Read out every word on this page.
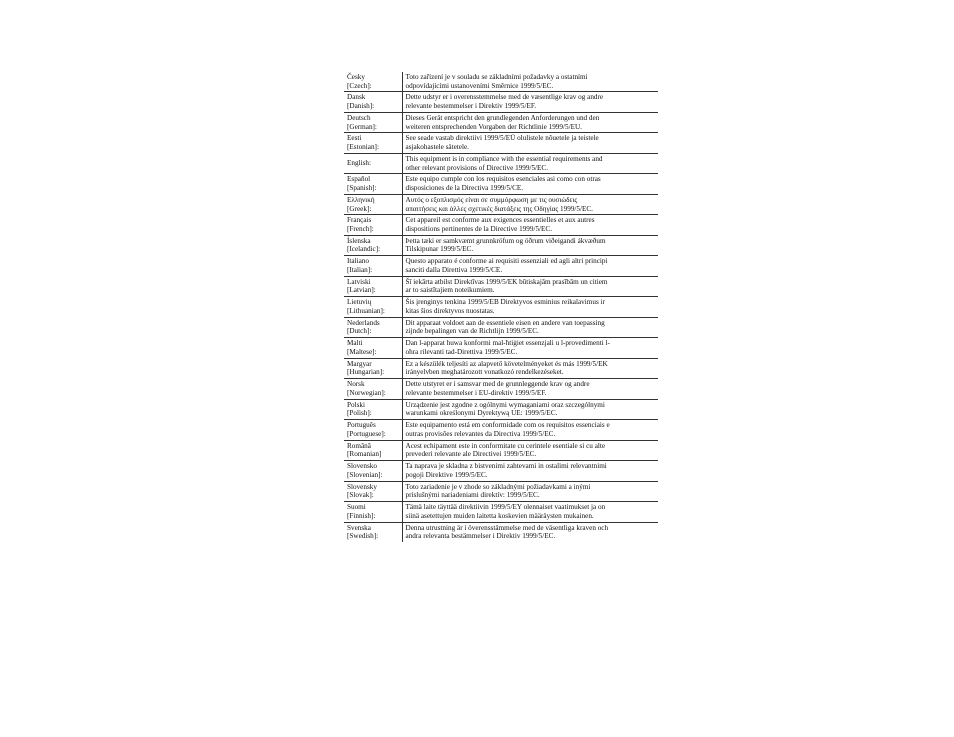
Česky
[Czech]:	Toto zařízení je v souladu se základními požadavky a ostatními
odpovídajícími ustanoveními Směrnice 1999/5/EC.

Dansk
[Danish]:	Dette udstyr er i overensstemmelse med de væsentlige krav og andre
relevante bestemmelser i Direktiv 1999/5/EF.

Deutsch
[German]:	Dieses Gerät entspricht den grundlegenden Anforderungen und den
weiteren entsprechenden Vorgaben der Richtlinie 1999/5/EU.

Eesti
[Estonian]:	See seade vastab direktiivi 1999/5/EÜ olulistele nõuetele ja teistele
asjakohastele sätetele.

English:	This equipment is in compliance with the essential requirements and
other relevant provisions of Directive 1999/5/EC.

Español
[Spanish]:	Este equipo cumple con los requisitos esenciales asi como con otras
disposiciones de la Directiva 1999/5/CE.

Ελληνική
[Greek]:	Αυτός ο εξοπλισμός είναι σε συμμόρφωση με τις ουσιώδεις
απαιτήσεις και άλλες σχετικές διατάξεις της Οδηγίας 1999/5/EC.

Français
[French]:	Cet appareil est conforme aux exigences essentielles et aux autres
dispositions pertinentes de la Directive 1999/5/EC.

Íslenska
[Icelandic]:	Þetta tæki er samkvæmt grunnkröfum og öðrum viðeigandi ákvæðum
Tilskipunar 1999/5/EC.

Italiano
[Italian]:	Questo apparato é conforme ai requisiti essenziali ed agli altri principi
sanciti dalla Direttiva 1999/5/CE.

Latviski
[Latvian]:	Šī iekārta atbilst Direktīvas 1999/5/EK būtiskajām prasībām un citiem
ar to saistītajiem noteikumiem.

Lietuvių
[Lithuanian]:	Šis įrenginys tenkina 1999/5/EB Direktyvos esminius reikalavimus ir
kitas šios direktyvos nuostatas.

Nederlands
[Dutch]:	Dit apparaat voldoet aan de essentiele eisen en andere van toepassing
zijnde bepalingen van de Richtlijn 1999/5/EC.

Malti
[Maltese]:	Dan l-apparat huwa konformi mal-ħtiġiet essenzjali u l-provedimenti l-
oħra rilevanti tad-Direttiva 1999/5/EC.

Margyar
[Hungarian]:	Ez a készülék teljesíti az alapvető követelményeket és más 1999/5/EK
irányelvben meghatározott vonatkozó rendelkezéseket.

Norsk
[Norwegian]:	Dette utstyret er i samsvar med de grunnleggende krav og andre
relevante bestemmelser i EU-direktiv 1999/5/EF.

Polski
[Polish]:	Urządzenie jest zgodne z ogólnymi wymaganiami oraz szczególnymi
warunkami określonymi Dyrektywą UE: 1999/5/EC.

Português
[Portuguese]:	Este equipamento está em conformidade com os requisitos essenciais e
outras provisões relevantes da Directiva 1999/5/EC.

Română
[Romanian]	Acest echipament este in conformitate cu cerintele esentiale si cu alte
prevederi relevante ale Directivei 1999/5/EC.

Slovensko
[Slovenian]:	Ta naprava je skladna z bistvenimi zahtevami in ostalimi relevantnimi
pogoji Direktive 1999/5/EC.

Slovensky
[Slovak]:	Toto zariadenie je v zhode so základnými požiadavkami a inými
príslušnými nariadeniami direktív: 1999/5/EC.

Suomi
[Finnish]:	Tämä laite täyttää direktiivin 1999/5/EY olennaiset vaatimukset ja on
siinä asetettujen muiden laitetta koskevien määräysten mukainen.

Svenska
[Swedish]:	Denna utrustning är i överensstämmelse med de väsentliga kraven och
andra relevanta bestämmelser i Direktiv 1999/5/EC.
